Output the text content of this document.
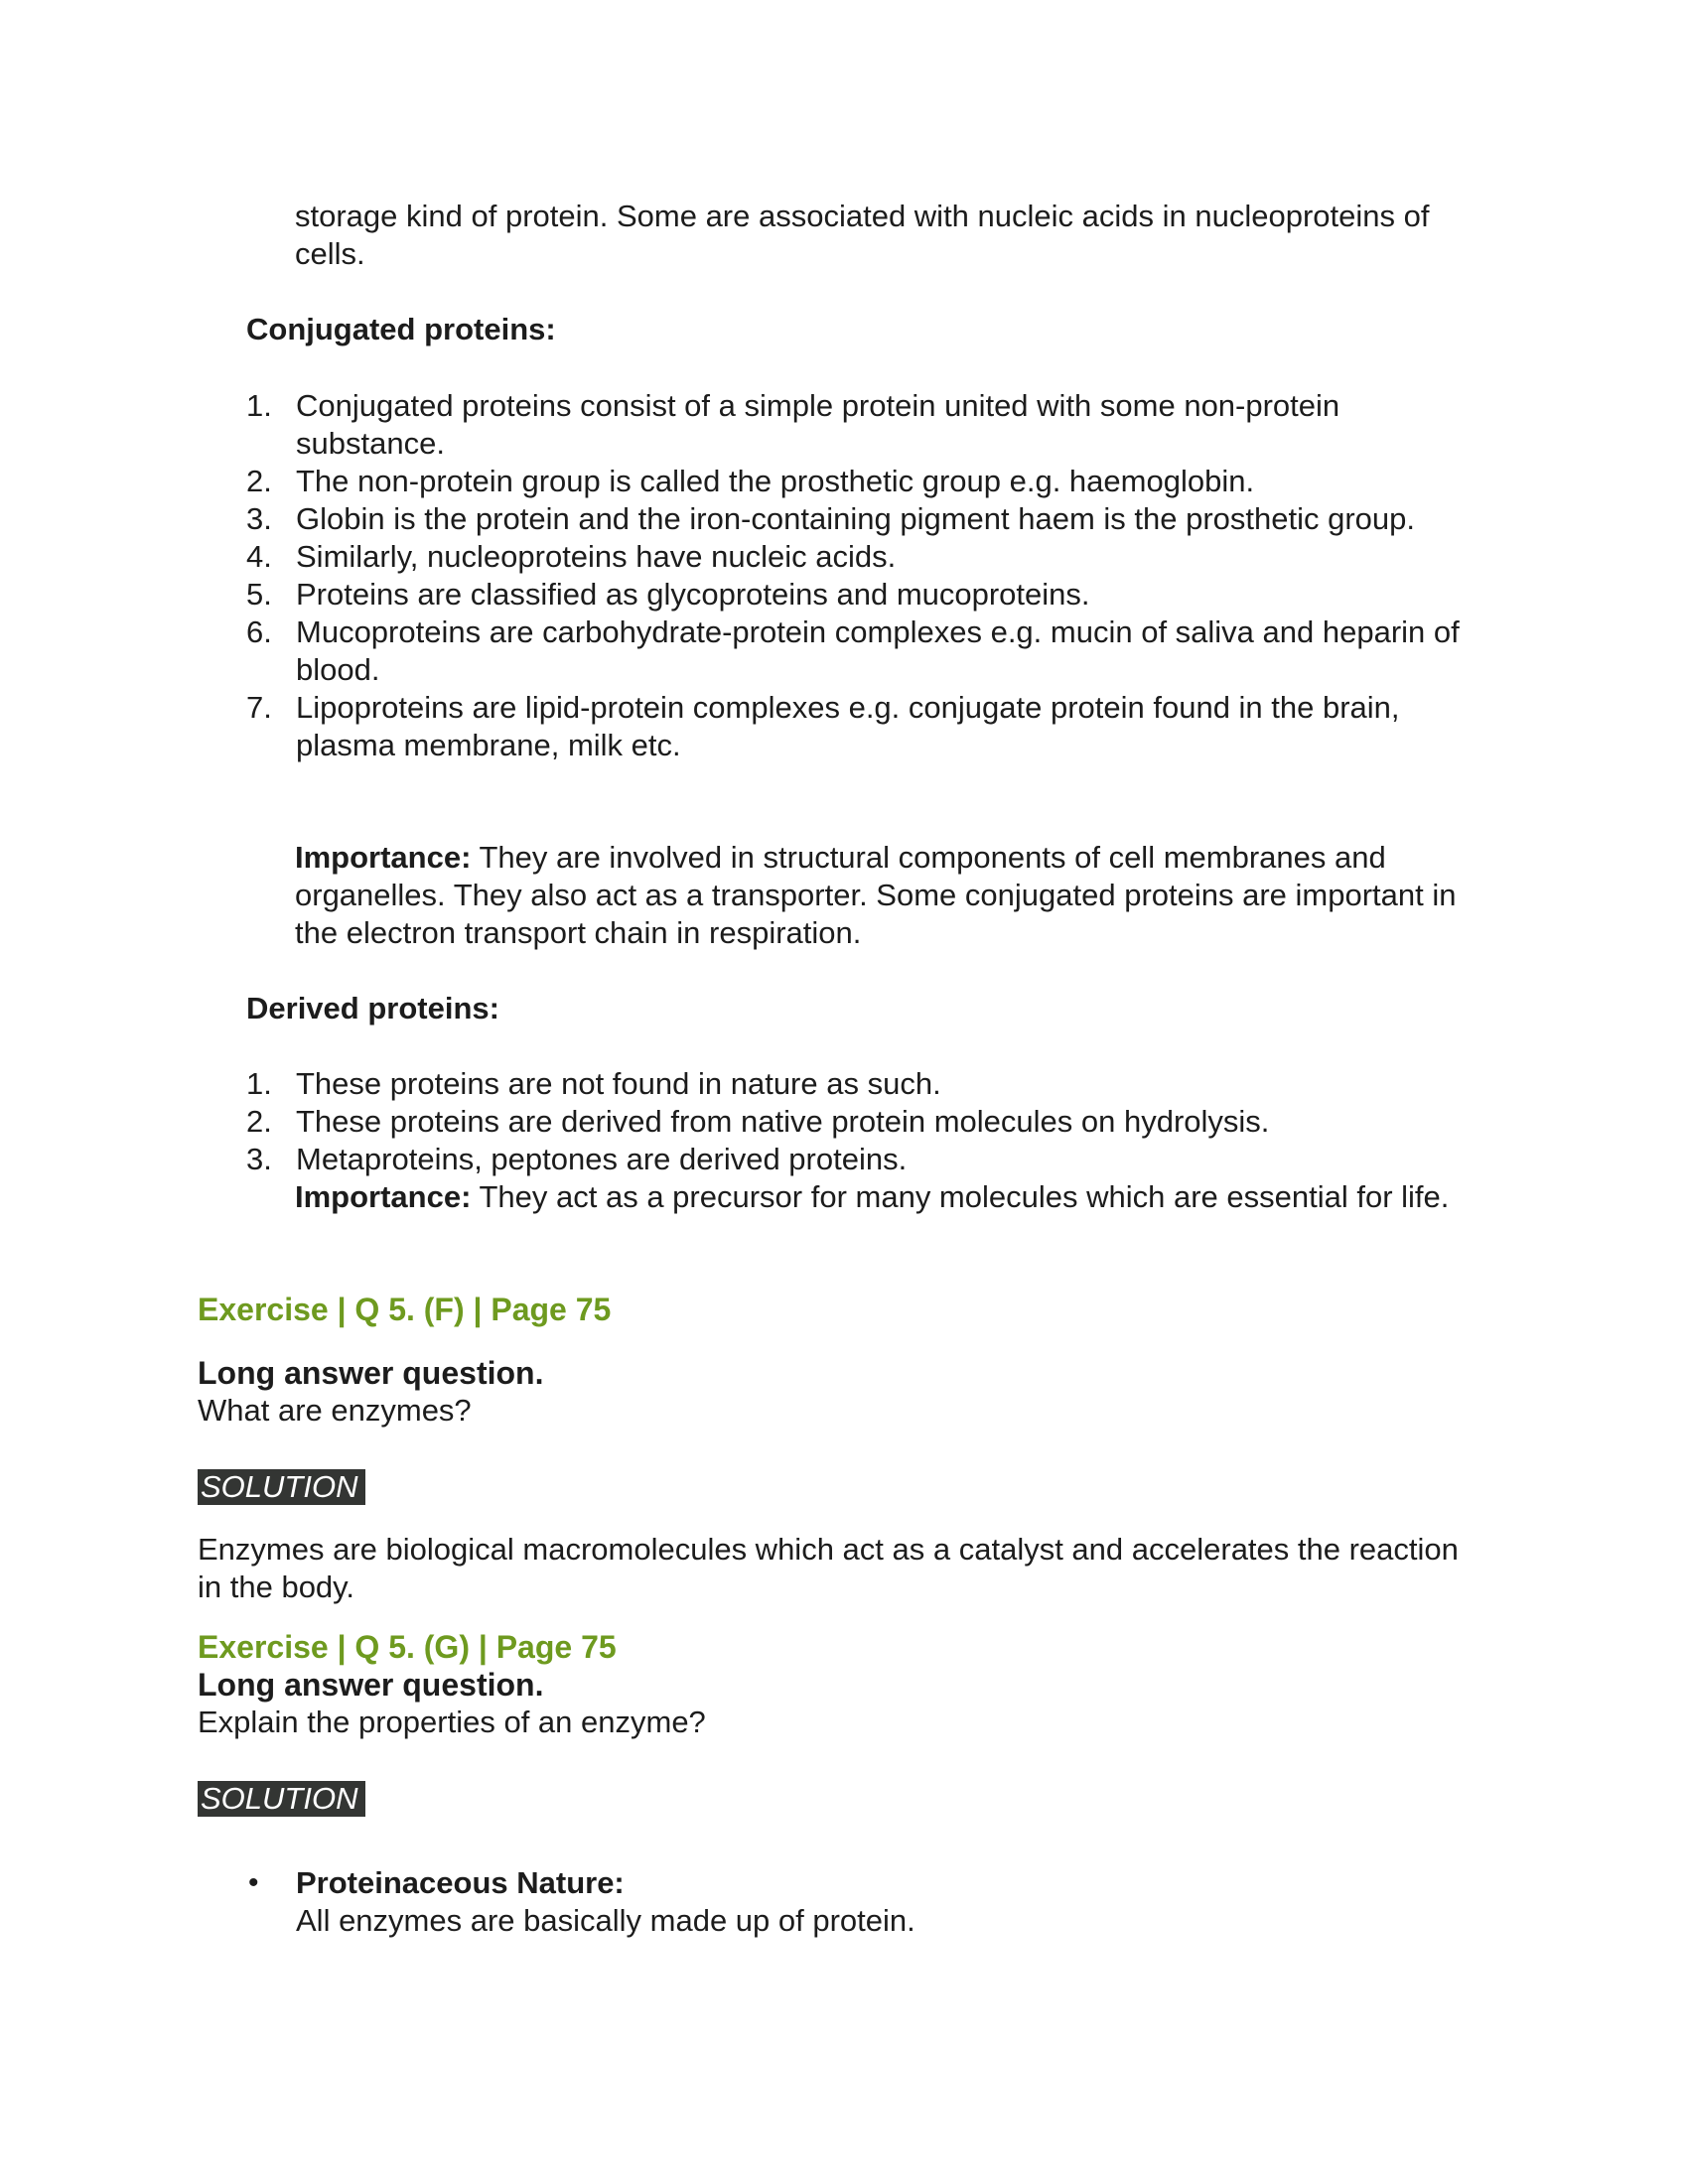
storage kind of protein. Some are associated with nucleic acids in nucleoproteins of cells.

Conjugated proteins:
1. Conjugated proteins consist of a simple protein united with some non-protein substance.
2. The non-protein group is called the prosthetic group e.g. haemoglobin.
3. Globin is the protein and the iron-containing pigment haem is the prosthetic group.
4. Similarly, nucleoproteins have nucleic acids.
5. Proteins are classified as glycoproteins and mucoproteins.
6. Mucoproteins are carbohydrate-protein complexes e.g. mucin of saliva and heparin of blood.
7. Lipoproteins are lipid-protein complexes e.g. conjugate protein found in the brain, plasma membrane, milk etc.

Importance: They are involved in structural components of cell membranes and organelles. They also act as a transporter. Some conjugated proteins are important in the electron transport chain in respiration.

Derived proteins:
1. These proteins are not found in nature as such.
2. These proteins are derived from native protein molecules on hydrolysis.
3. Metaproteins, peptones are derived proteins.

Importance: They act as a precursor for many molecules which are essential for life.

Exercise | Q 5. (F) | Page 75
Long answer question.
What are enzymes?
SOLUTION
Enzymes are biological macromolecules which act as a catalyst and accelerates the reaction in the body.
Exercise | Q 5. (G) | Page 75
Long answer question.
Explain the properties of an enzyme?
SOLUTION
• Proteinaceous Nature:
All enzymes are basically made up of protein.
